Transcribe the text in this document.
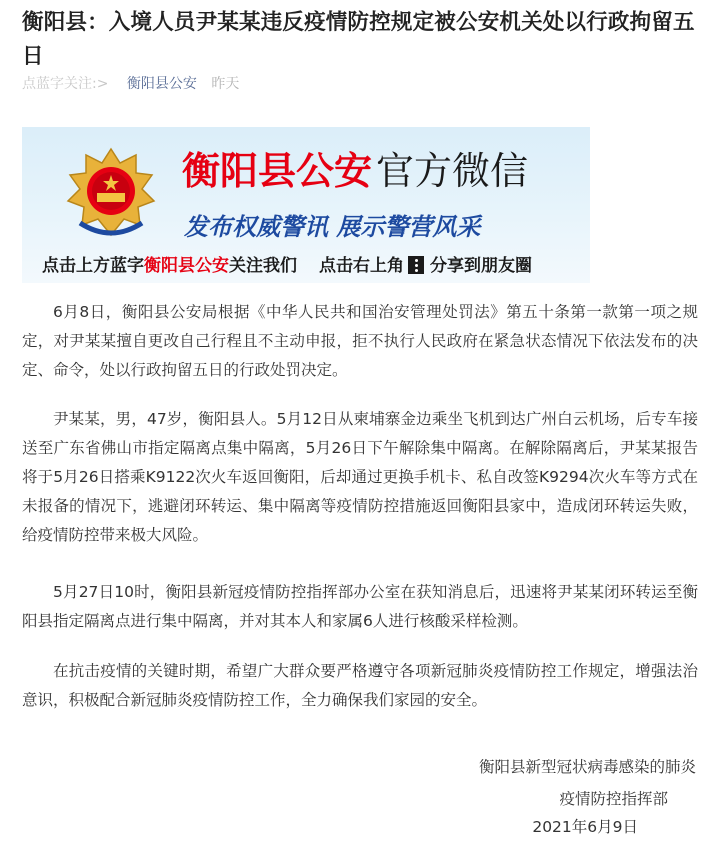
衡阳县：入境人员尹某某违反疫情防控规定被公安机关处以行政拘留五日
点蓝字关注:> 衡阳县公安 昨天
衡阳县公安 官方微信
发布权威警讯 展示警营风采
点击上方蓝字衡阳县公安关注我们 点击右上角 分享到朋友圈

6月8日，衡阳县公安局根据《中华人民共和国治安管理处罚法》第五十条第一款第一项之规定，对尹某某擅自更改自己行程且不主动申报，拒不执行人民政府在紧急状态情况下依法发布的决定、命令，处以行政拘留五日的行政处罚决定。

尹某某，男，47岁，衡阳县人。5月12日从柬埔寨金边乘坐飞机到达广州白云机场，后专车接送至广东省佛山市指定隔离点集中隔离，5月26日下午解除集中隔离。在解除隔离后，尹某某报告将于5月26日搭乘K9122次火车返回衡阳，后却通过更换手机卡、私自改签K9294次火车等方式在未报备的情况下，逃避闭环转运、集中隔离等疫情防控措施返回衡阳县家中，造成闭环转运失败，给疫情防控带来极大风险。

5月27日10时，衡阳县新冠疫情防控指挥部办公室在获知消息后，迅速将尹某某闭环转运至衡阳县指定隔离点进行集中隔离，并对其本人和家属6人进行核酸采样检测。

在抗击疫情的关键时期，希望广大群众要严格遵守各项新冠肺炎疫情防控工作规定，增强法治意识，积极配合新冠肺炎疫情防控工作，全力确保我们家园的安全。

衡阳县新型冠状病毒感染的肺炎
疫情防控指挥部
2021年6月9日
